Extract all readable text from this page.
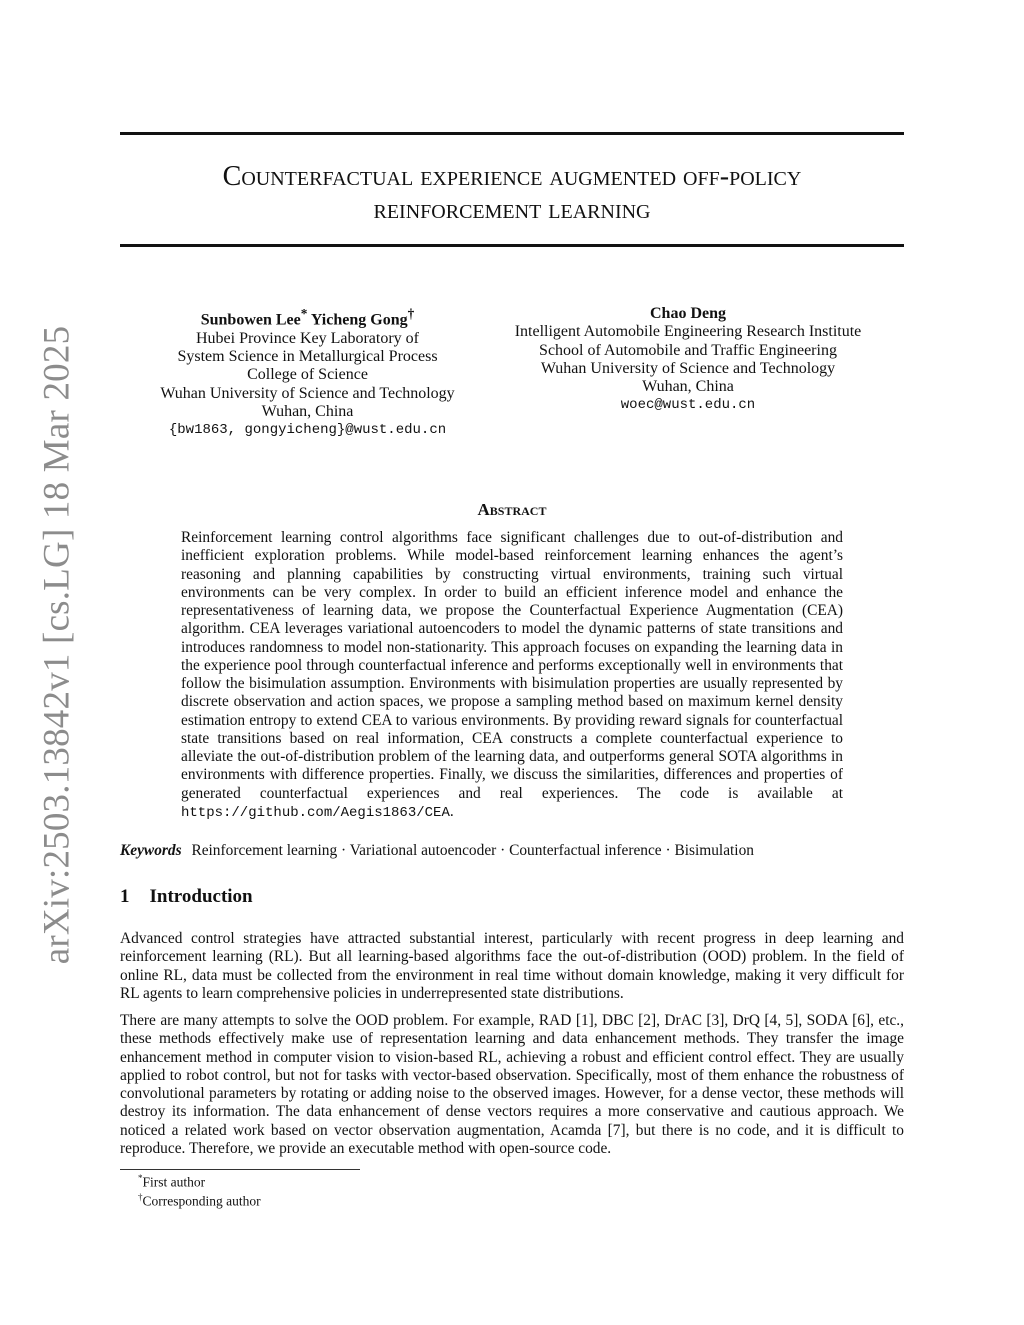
arXiv:2503.13842v1 [cs.LG] 18 Mar 2025
Counterfactual experience augmented off-policy
reinforcement learning
Sunbowen Lee* Yicheng Gong†
Hubei Province Key Laboratory of
System Science in Metallurgical Process
College of Science
Wuhan University of Science and Technology
Wuhan, China
{bw1863, gongyicheng}@wust.edu.cn
Chao Deng
Intelligent Automobile Engineering Research Institute
School of Automobile and Traffic Engineering
Wuhan University of Science and Technology
Wuhan, China
woec@wust.edu.cn
Abstract
Reinforcement learning control algorithms face significant challenges due to out-of-distribution and inefficient exploration problems. While model-based reinforcement learning enhances the agent’s reasoning and planning capabilities by constructing virtual environments, training such virtual environments can be very complex. In order to build an efficient inference model and enhance the representativeness of learning data, we propose the Counterfactual Experience Augmentation (CEA) algorithm. CEA leverages variational autoencoders to model the dynamic patterns of state transitions and introduces randomness to model non-stationarity. This approach focuses on expanding the learning data in the experience pool through counterfactual inference and performs exceptionally well in environments that follow the bisimulation assumption. Environments with bisimulation properties are usually represented by discrete observation and action spaces, we propose a sampling method based on maximum kernel density estimation entropy to extend CEA to various environments. By providing reward signals for counterfactual state transitions based on real information, CEA constructs a complete counterfactual experience to alleviate the out-of-distribution problem of the learning data, and outperforms general SOTA algorithms in environments with difference properties. Finally, we discuss the similarities, differences and properties of generated counterfactual experiences and real experiences. The code is available at https://github.com/Aegis1863/CEA.
Keywords Reinforcement learning · Variational autoencoder · Counterfactual inference · Bisimulation
1 Introduction
Advanced control strategies have attracted substantial interest, particularly with recent progress in deep learning and reinforcement learning (RL). But all learning-based algorithms face the out-of-distribution (OOD) problem. In the field of online RL, data must be collected from the environment in real time without domain knowledge, making it very difficult for RL agents to learn comprehensive policies in underrepresented state distributions.
There are many attempts to solve the OOD problem. For example, RAD [1], DBC [2], DrAC [3], DrQ [4, 5], SODA [6], etc., these methods effectively make use of representation learning and data enhancement methods. They transfer the image enhancement method in computer vision to vision-based RL, achieving a robust and efficient control effect. They are usually applied to robot control, but not for tasks with vector-based observation. Specifically, most of them enhance the robustness of convolutional parameters by rotating or adding noise to the observed images. However, for a dense vector, these methods will destroy its information. The data enhancement of dense vectors requires a more conservative and cautious approach. We noticed a related work based on vector observation augmentation, Acamda [7], but there is no code, and it is difficult to reproduce. Therefore, we provide an executable method with open-source code.
*First author
†Corresponding author
